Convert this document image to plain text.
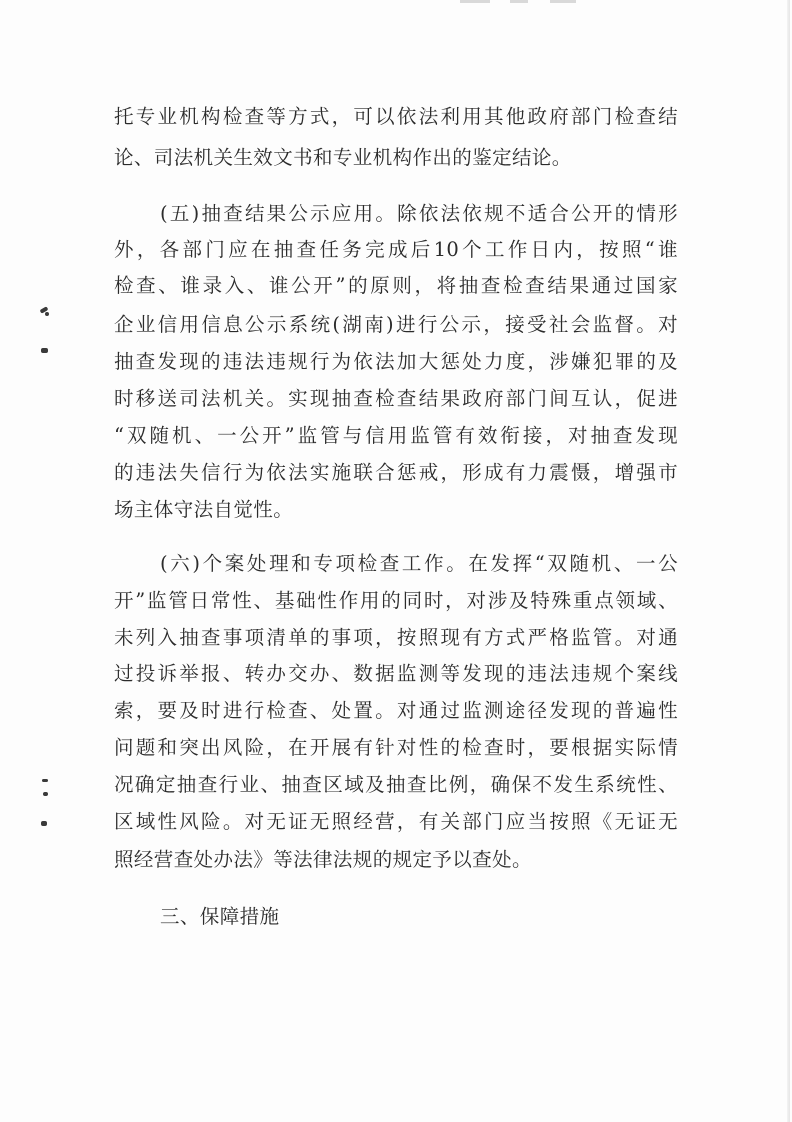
托专业机构检查等方式，可以依法利用其他政府部门检查结
论、司法机关生效文书和专业机构作出的鉴定结论。
(五)抽查结果公示应用。除依法依规不适合公开的情形
外，各部门应在抽查任务完成后10个工作日内，按照“谁
检查、谁录入、谁公开”的原则，将抽查检查结果通过国家
企业信用信息公示系统(湖南)进行公示，接受社会监督。对
抽查发现的违法违规行为依法加大惩处力度，涉嫌犯罪的及
时移送司法机关。实现抽查检查结果政府部门间互认，促进
“双随机、一公开”监管与信用监管有效衔接，对抽查发现
的违法失信行为依法实施联合惩戒，形成有力震慑，增强市
场主体守法自觉性。
(六)个案处理和专项检查工作。在发挥“双随机、一公
开”监管日常性、基础性作用的同时，对涉及特殊重点领域、
未列入抽查事项清单的事项，按照现有方式严格监管。对通
过投诉举报、转办交办、数据监测等发现的违法违规个案线
索，要及时进行检查、处置。对通过监测途径发现的普遍性
问题和突出风险，在开展有针对性的检查时，要根据实际情
况确定抽查行业、抽查区域及抽查比例，确保不发生系统性、
区域性风险。对无证无照经营，有关部门应当按照《无证无
照经营查处办法》等法律法规的规定予以查处。
三、保障措施
